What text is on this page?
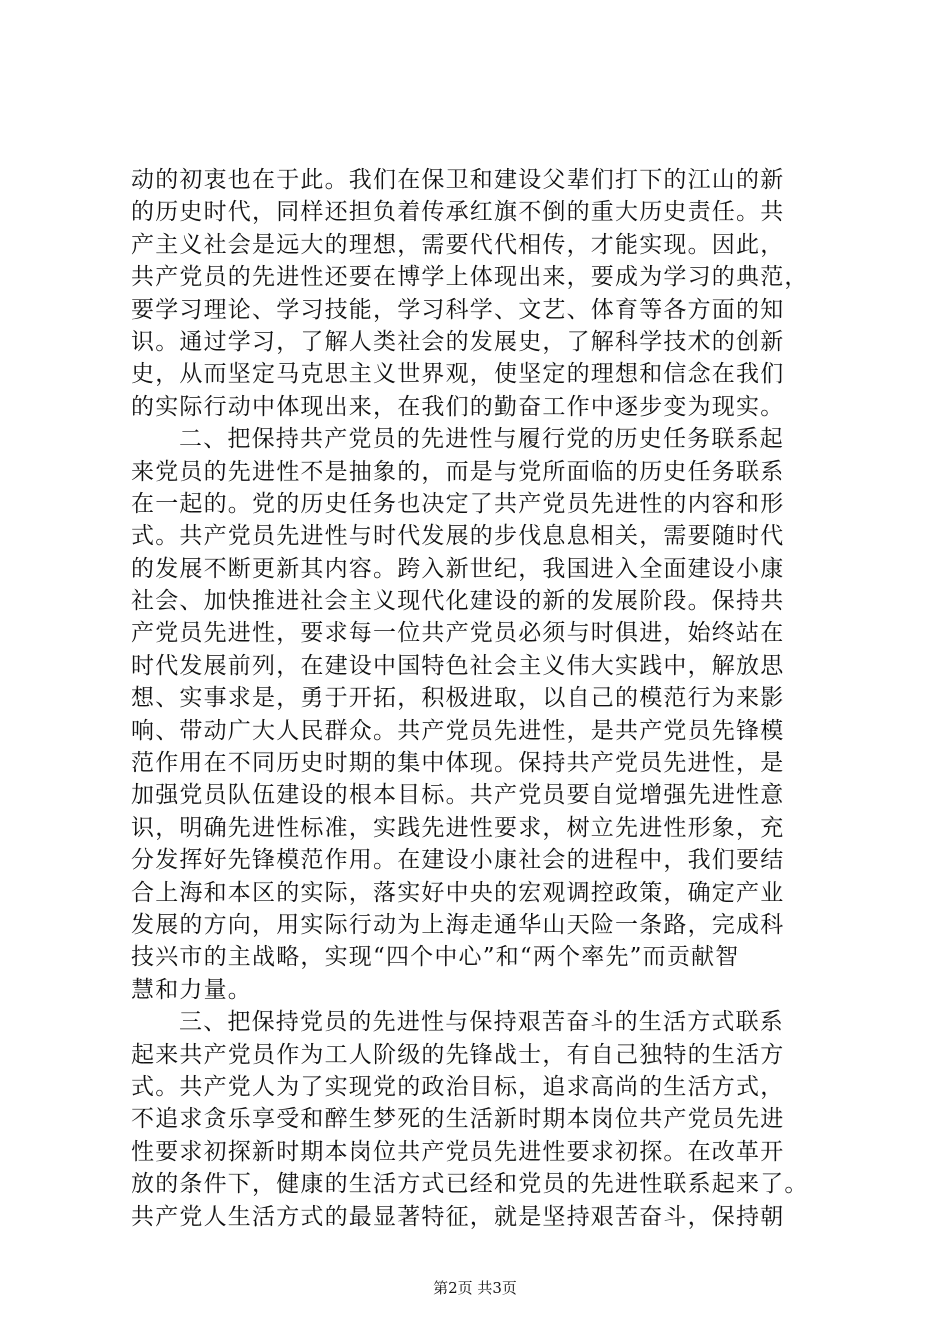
动的初衷也在于此。我们在保卫和建设父辈们打下的江山的新
的历史时代，同样还担负着传承红旗不倒的重大历史责任。共
产主义社会是远大的理想，需要代代相传，才能实现。因此，
共产党员的先进性还要在博学上体现出来，要成为学习的典范，
要学习理论、学习技能，学习科学、文艺、体育等各方面的知
识。通过学习，了解人类社会的发展史，了解科学技术的创新
史，从而坚定马克思主义世界观，使坚定的理想和信念在我们
的实际行动中体现出来，在我们的勤奋工作中逐步变为现实。
二、把保持共产党员的先进性与履行党的历史任务联系起
来党员的先进性不是抽象的，而是与党所面临的历史任务联系
在一起的。党的历史任务也决定了共产党员先进性的内容和形
式。共产党员先进性与时代发展的步伐息息相关，需要随时代
的发展不断更新其内容。跨入新世纪，我国进入全面建设小康
社会、加快推进社会主义现代化建设的新的发展阶段。保持共
产党员先进性，要求每一位共产党员必须与时俱进，始终站在
时代发展前列，在建设中国特色社会主义伟大实践中，解放思
想、实事求是，勇于开拓，积极进取，以自己的模范行为来影
响、带动广大人民群众。共产党员先进性，是共产党员先锋模
范作用在不同历史时期的集中体现。保持共产党员先进性，是
加强党员队伍建设的根本目标。共产党员要自觉增强先进性意
识，明确先进性标准，实践先进性要求，树立先进性形象，充
分发挥好先锋模范作用。在建设小康社会的进程中，我们要结
合上海和本区的实际，落实好中央的宏观调控政策，确定产业
发展的方向，用实际行动为上海走通华山天险一条路，完成科
技兴市的主战略，实现“四个中心”和“两个率先”而贡献智
慧和力量。
三、把保持党员的先进性与保持艰苦奋斗的生活方式联系
起来共产党员作为工人阶级的先锋战士，有自己独特的生活方
式。共产党人为了实现党的政治目标，追求高尚的生活方式，
不追求贪乐享受和醉生梦死的生活新时期本岗位共产党员先进
性要求初探新时期本岗位共产党员先进性要求初探。在改革开
放的条件下，健康的生活方式已经和党员的先进性联系起来了。
共产党人生活方式的最显著特征，就是坚持艰苦奋斗，保持朝
第2页 共3页
